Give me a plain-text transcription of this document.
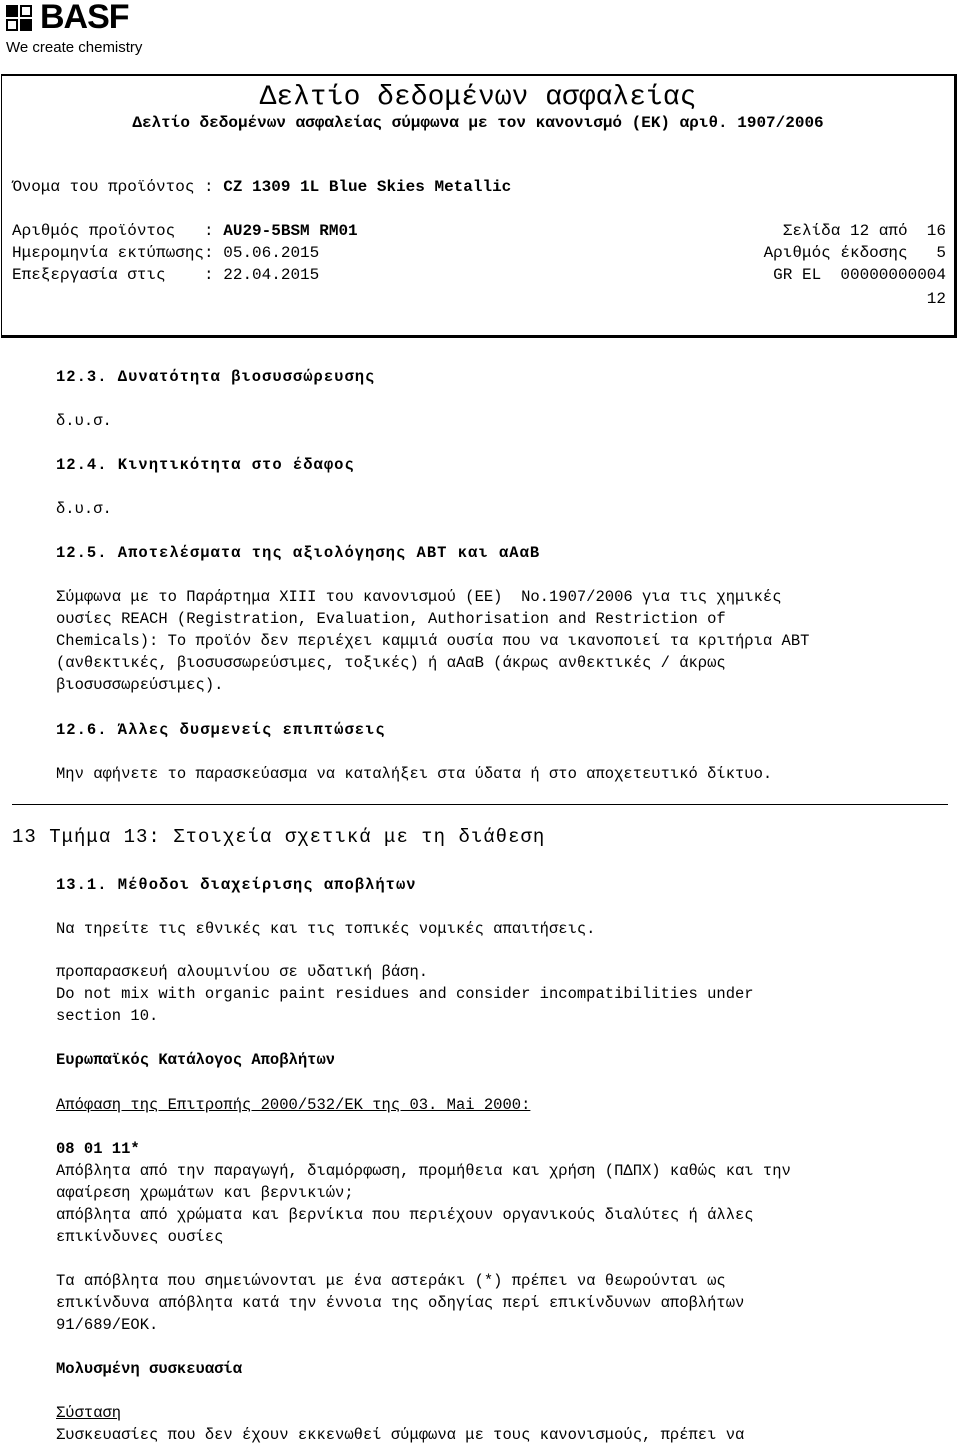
BASF
We create chemistry
Δελτίο δεδομένων ασφαλείας
Δελτίο δεδομένων ασφαλείας σύμφωνα με τον κανονισμό (ΕΚ) αριθ. 1907/2006
Όνομα του προϊόντος : CZ 1309 1L Blue Skies Metallic
Αριθμός προϊόντος   : AU29-5BSM RM01	Σελίδα 12 από  16
Ημερομηνία εκτύπωσης: 05.06.2015	Αριθμός έκδοσης   5
Επεξεργασία στις    : 22.04.2015	GR EL  00000000004
12
12.3. Δυνατότητα βιοσυσσώρευσης
δ.υ.σ.
12.4. Κινητικότητα στο έδαφος
δ.υ.σ.
12.5. Αποτελέσματα της αξιολόγησης ΑΒΤ και αΑαΒ
Σύμφωνα με το Παράρτημα XIII του κανονισμού (ΕΕ)  No.1907/2006 για τις χημικές
ουσίες REACH (Registration, Evaluation, Authorisation and Restriction of
Chemicals): Το προϊόν δεν περιέχει καμμιά ουσία που να ικανοποιεί τα κριτήρια ΑΒΤ
(ανθεκτικές, βιοσυσσωρεύσιμες, τοξικές) ή αΑαΒ (άκρως ανθεκτικές / άκρως
βιοσυσσωρεύσιμες).
12.6. Άλλες δυσμενείς επιπτώσεις
Μην αφήνετε το παρασκεύασμα να καταλήξει στα ύδατα ή στο αποχετευτικό δίκτυο.
13 Τμήμα 13: Στοιχεία σχετικά με τη διάθεση
13.1. Μέθοδοι διαχείρισης αποβλήτων
Να τηρείτε τις εθνικές και τις τοπικές νομικές απαιτήσεις.
προπαρασκευή αλουμινίου σε υδατική βάση.
Do not mix with organic paint residues and consider incompatibilities under
section 10.
Ευρωπαϊκός Κατάλογος Αποβλήτων
Απόφαση της Επιτροπής 2000/532/ΕΚ της 03. Mai 2000:
08 01 11*
Απόβλητα από την παραγωγή, διαμόρφωση, προμήθεια και χρήση (ΠΔΠΧ) καθώς και την
αφαίρεση χρωμάτων και βερνικιών;
απόβλητα από χρώματα και βερνίκια που περιέχουν οργανικούς διαλύτες ή άλλες
επικίνδυνες ουσίες
Τα απόβλητα που σημειώνονται με ένα αστεράκι (*) πρέπει να θεωρούνται ως
επικίνδυνα απόβλητα κατά την έννοια της οδηγίας περί επικίνδυνων αποβλήτων
91/689/ΕΟΚ.
Μολυσμένη συσκευασία
Σύσταση
Συσκευασίες που δεν έχουν εκκενωθεί σύμφωνα με τους κανονισμούς, πρέπει να
